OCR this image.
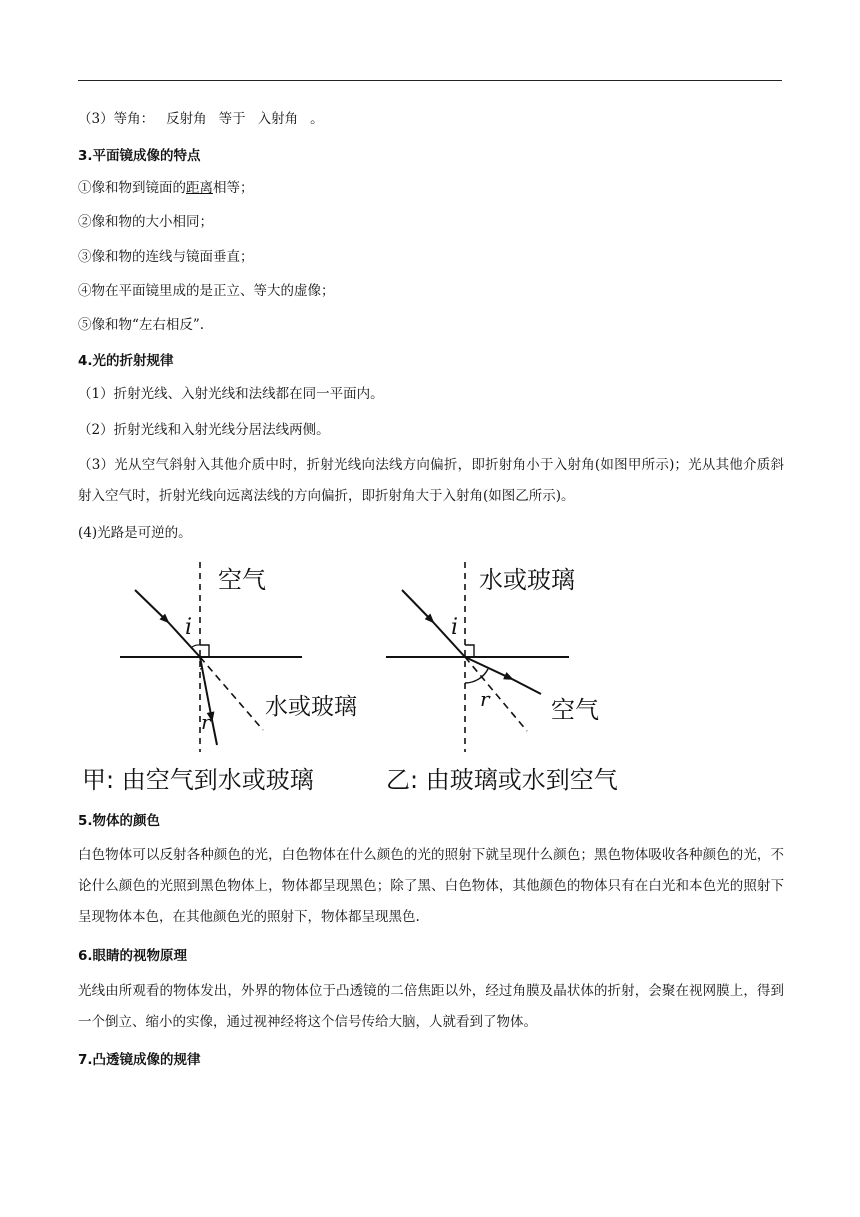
（3）等角： 反射角 等于 入射角 。
3.平面镜成像的特点
①像和物到镜面的距离相等；
②像和物的大小相同；
③像和物的连线与镜面垂直；
④物在平面镜里成的是正立、等大的虚像；
⑤像和物“左右相反”.
4.光的折射规律
（1）折射光线、入射光线和法线都在同一平面内。
（2）折射光线和入射光线分居法线两侧。
（3）光从空气斜射入其他介质中时，折射光线向法线方向偏折，即折射角小于入射角(如图甲所示)；光从其他介质斜射入空气时，折射光线向远离法线的方向偏折，即折射角大于入射角(如图乙所示)。
(4)光路是可逆的。
空气
i
r
水或玻璃
甲: 由空气到水或玻璃
水或玻璃
i
r	空气
乙: 由玻璃或水到空气
5.物体的颜色
白色物体可以反射各种颜色的光，白色物体在什么颜色的光的照射下就呈现什么颜色；黑色物体吸收各种颜色的光，不论什么颜色的光照到黑色物体上，物体都呈现黑色；除了黑、白色物体，其他颜色的物体只有在白光和本色光的照射下呈现物体本色，在其他颜色光的照射下，物体都呈现黑色.
6.眼睛的视物原理
光线由所观看的物体发出，外界的物体位于凸透镜的二倍焦距以外，经过角膜及晶状体的折射，会聚在视网膜上，得到一个倒立、缩小的实像，通过视神经将这个信号传给大脑，人就看到了物体。
7.凸透镜成像的规律
